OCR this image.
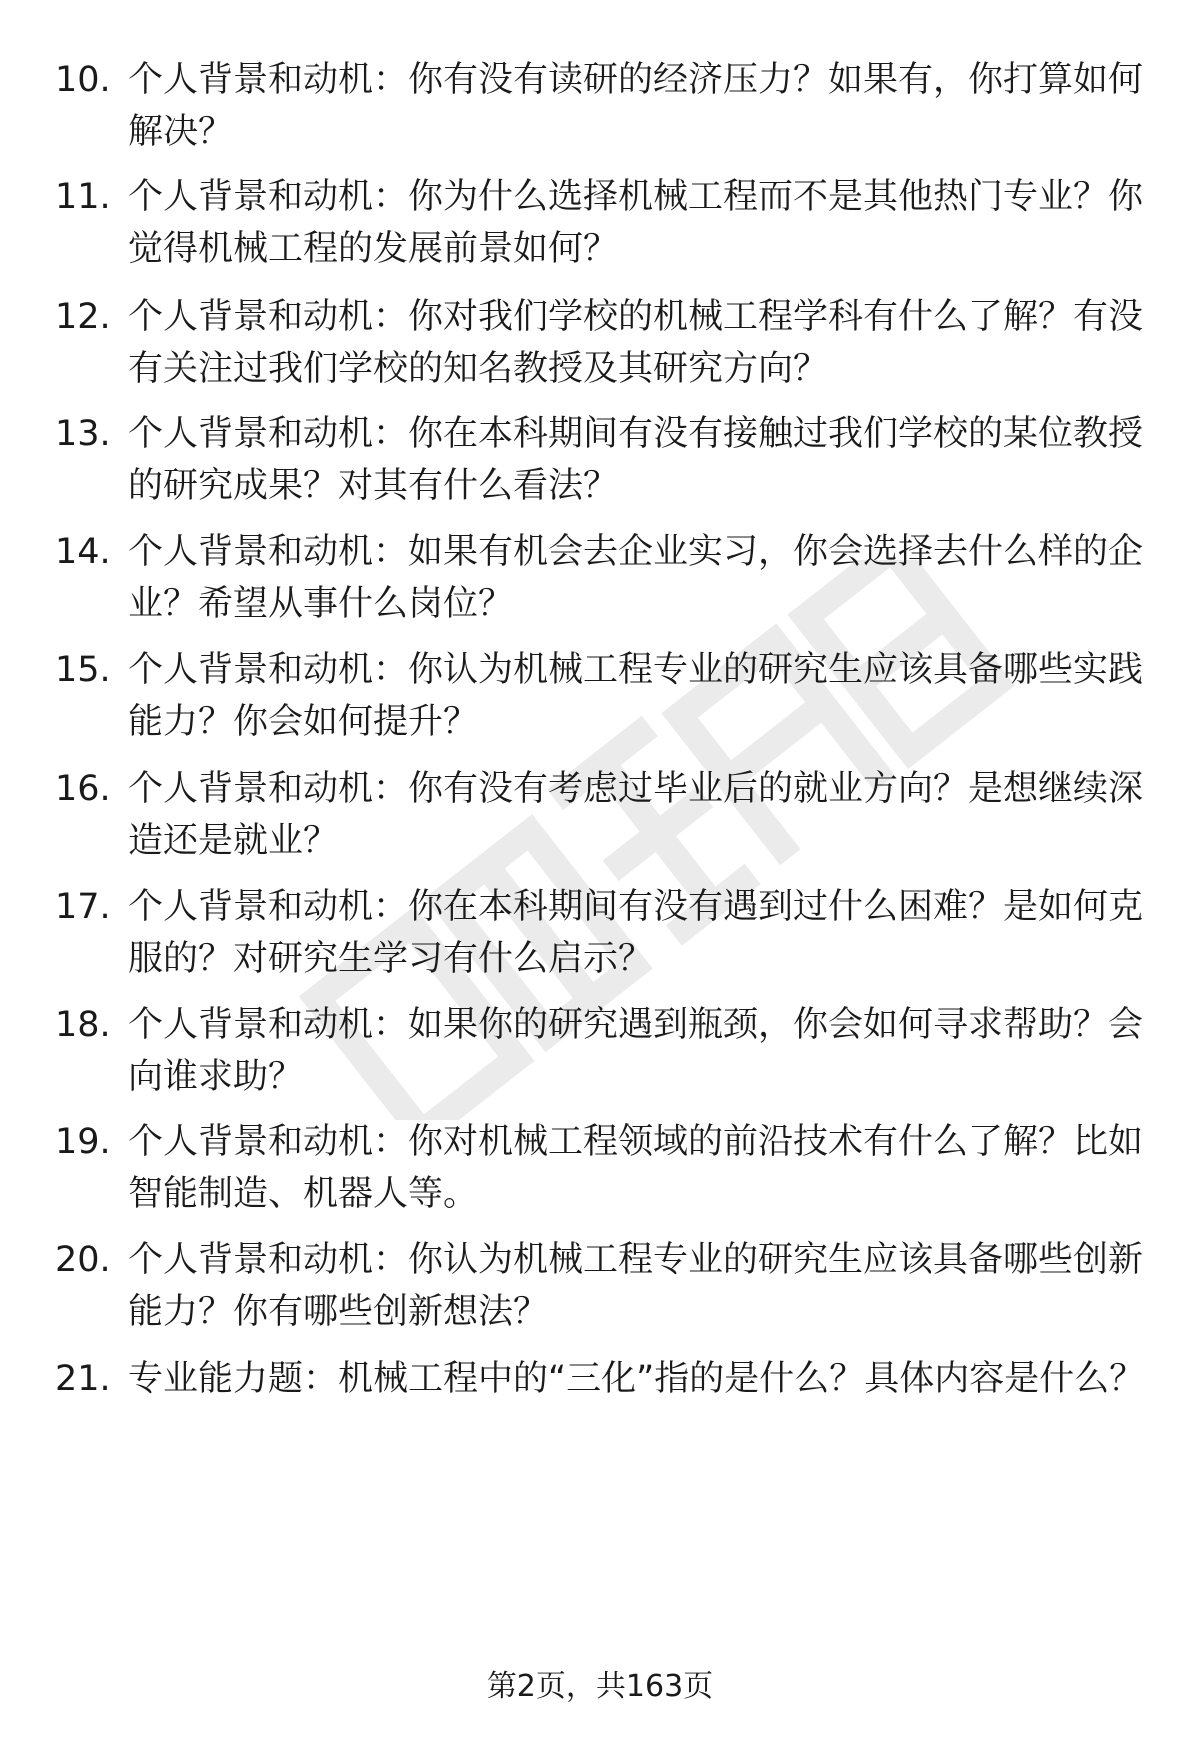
10. 个人背景和动机：你有没有读研的经济压力？如果有，你打算如何解决？
11. 个人背景和动机：你为什么选择机械工程而不是其他热门专业？你觉得机械工程的发展前景如何？
12. 个人背景和动机：你对我们学校的机械工程学科有什么了解？有没有关注过我们学校的知名教授及其研究方向？
13. 个人背景和动机：你在本科期间有没有接触过我们学校的某位教授的研究成果？对其有什么看法？
14. 个人背景和动机：如果有机会去企业实习，你会选择去什么样的企业？希望从事什么岗位？
15. 个人背景和动机：你认为机械工程专业的研究生应该具备哪些实践能力？你会如何提升？
16. 个人背景和动机：你有没有考虑过毕业后的就业方向？是想继续深造还是就业？
17. 个人背景和动机：你在本科期间有没有遇到过什么困难？是如何克服的？对研究生学习有什么启示？
18. 个人背景和动机：如果你的研究遇到瓶颈，你会如何寻求帮助？会向谁求助？
19. 个人背景和动机：你对机械工程领域的前沿技术有什么了解？比如智能制造、机器人等。
20. 个人背景和动机：你认为机械工程专业的研究生应该具备哪些创新能力？你有哪些创新想法？
21. 专业能力题：机械工程中的“三化”指的是什么？具体内容是什么？
第2页，共163页
